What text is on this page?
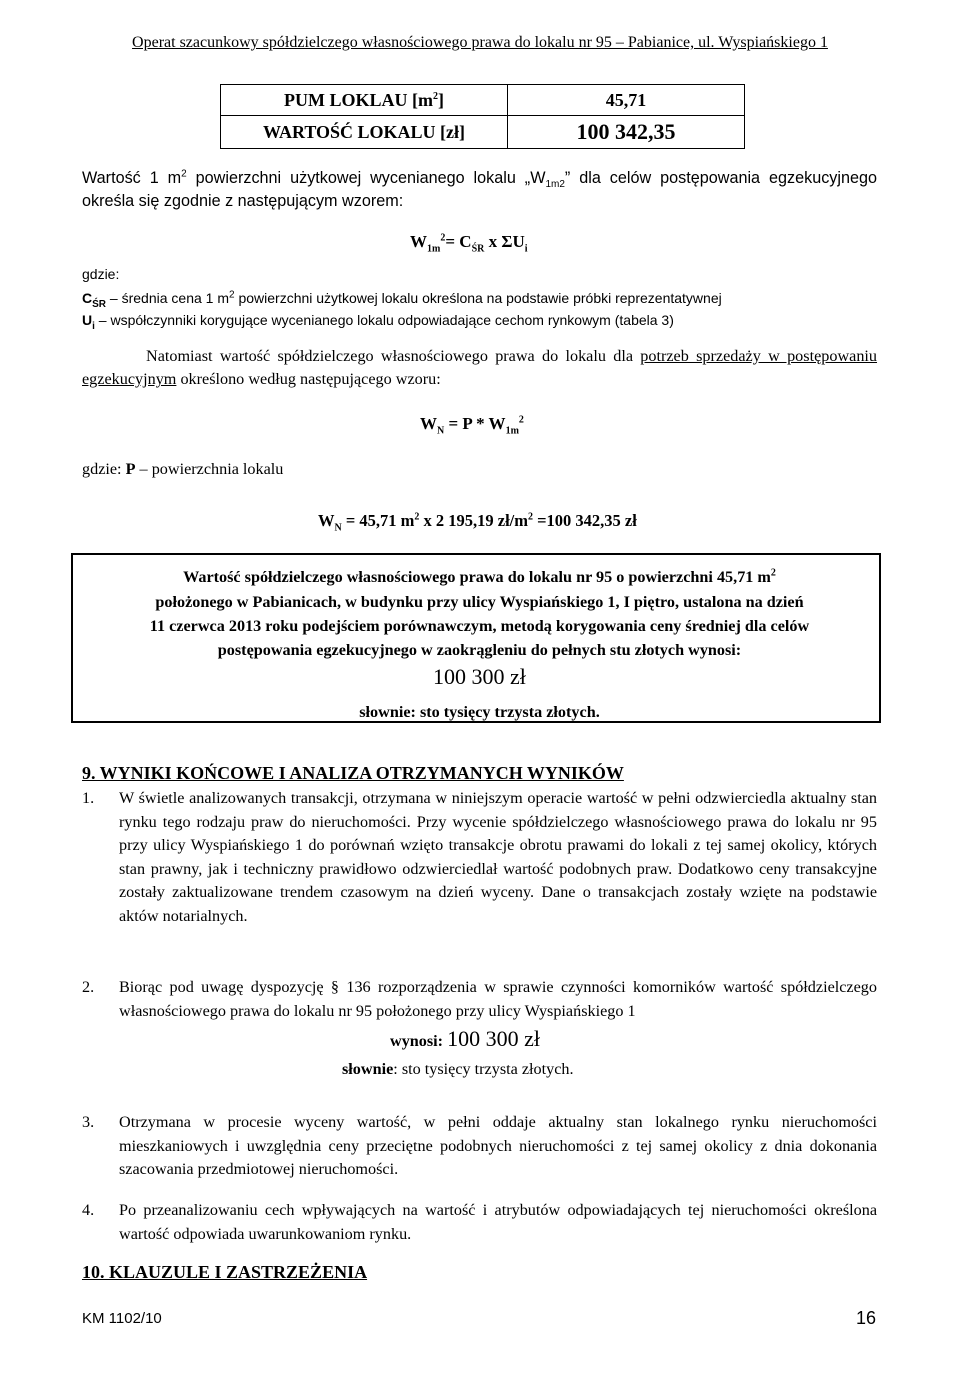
Operat szacunkowy spółdzielczego własnościowego prawa do lokalu nr 95 – Pabianice, ul. Wyspiańskiego 1
PUM LOKLAU $[m^2]$	45,71
WARTOŚĆ LOKALU [zł]	100 342,35
Wartość 1 $m^2$ powierzchni użytkowej wycenianego lokalu $„W_{1m2}$” dla celów postępowania egzekucyjnego określa się zgodnie z następującym wzorem:
$W_{1m}^2= C_{ŚR}$ x $\Sigma U_i$
gdzie:
$C_{ŚR}$ – średnia cena 1 $m^2$ powierzchni użytkowej lokalu określona na podstawie próbki reprezentatywnej
$U_i$ – współczynniki korygujące wycenianego lokalu odpowiadające cechom rynkowym (tabela 3)
Natomiast wartość spółdzielczego własnościowego prawa do lokalu dla potrzeb sprzedaży w postępowaniu egzekucyjnym określono według następującego wzoru:
$W_N = P * W_{1m}^2$
gdzie: P – powierzchnia lokalu
$W_N = 45,71$ $m^2$ x 2 195,19 $zł/m^2 =100$ 342,35 zł
Wartość spółdzielczego własnościowego prawa do lokalu nr 95 o powierzchni 45,71 $m^2$
położonego w Pabianicach, w budynku przy ulicy Wyspiańskiego 1, I piętro, ustalona na dzień
11 czerwca 2013 roku podejściem porównawczym, metodą korygowania ceny średniej dla celów
postępowania egzekucyjnego w zaokrągleniu do pełnych stu złotych wynosi:
100 300 zł
słownie: sto tysięcy trzysta złotych.
9. WYNIKI KOŃCOWE I ANALIZA OTRZYMANYCH WYNIKÓW
1. W świetle analizowanych transakcji, otrzymana w niniejszym operacie wartość w pełni odzwierciedla aktualny stan rynku tego rodzaju praw do nieruchomości. Przy wycenie spółdzielczego własnościowego prawa do lokalu nr 95 przy ulicy Wyspiańskiego 1 do porównań wzięto transakcje obrotu prawami do lokali z tej samej okolicy, których stan prawny, jak i techniczny prawidłowo odzwierciedlał wartość podobnych praw. Dodatkowo ceny transakcyjne zostały zaktualizowane trendem czasowym na dzień wyceny. Dane o transakcjach zostały wzięte na podstawie aktów notarialnych.
2. Biorąc pod uwagę dyspozycję § 136 rozporządzenia w sprawie czynności komorników wartość spółdzielczego własnościowego prawa do lokalu nr 95 położonego przy ulicy Wyspiańskiego 1
wynosi: 100 300 zł
słownie: sto tysięcy trzysta złotych.
3. Otrzymana w procesie wyceny wartość, w pełni oddaje aktualny stan lokalnego rynku nieruchomości mieszkaniowych i uwzględnia ceny przeciętne podobnych nieruchomości z tej samej okolicy z dnia dokonania szacowania przedmiotowej nieruchomości.
4. Po przeanalizowaniu cech wpływających na wartość i atrybutów odpowiadających tej nieruchomości określona wartość odpowiada uwarunkowaniom rynku.
10. KLAUZULE I ZASTRZEŻENIA
KM 1102/10	16
